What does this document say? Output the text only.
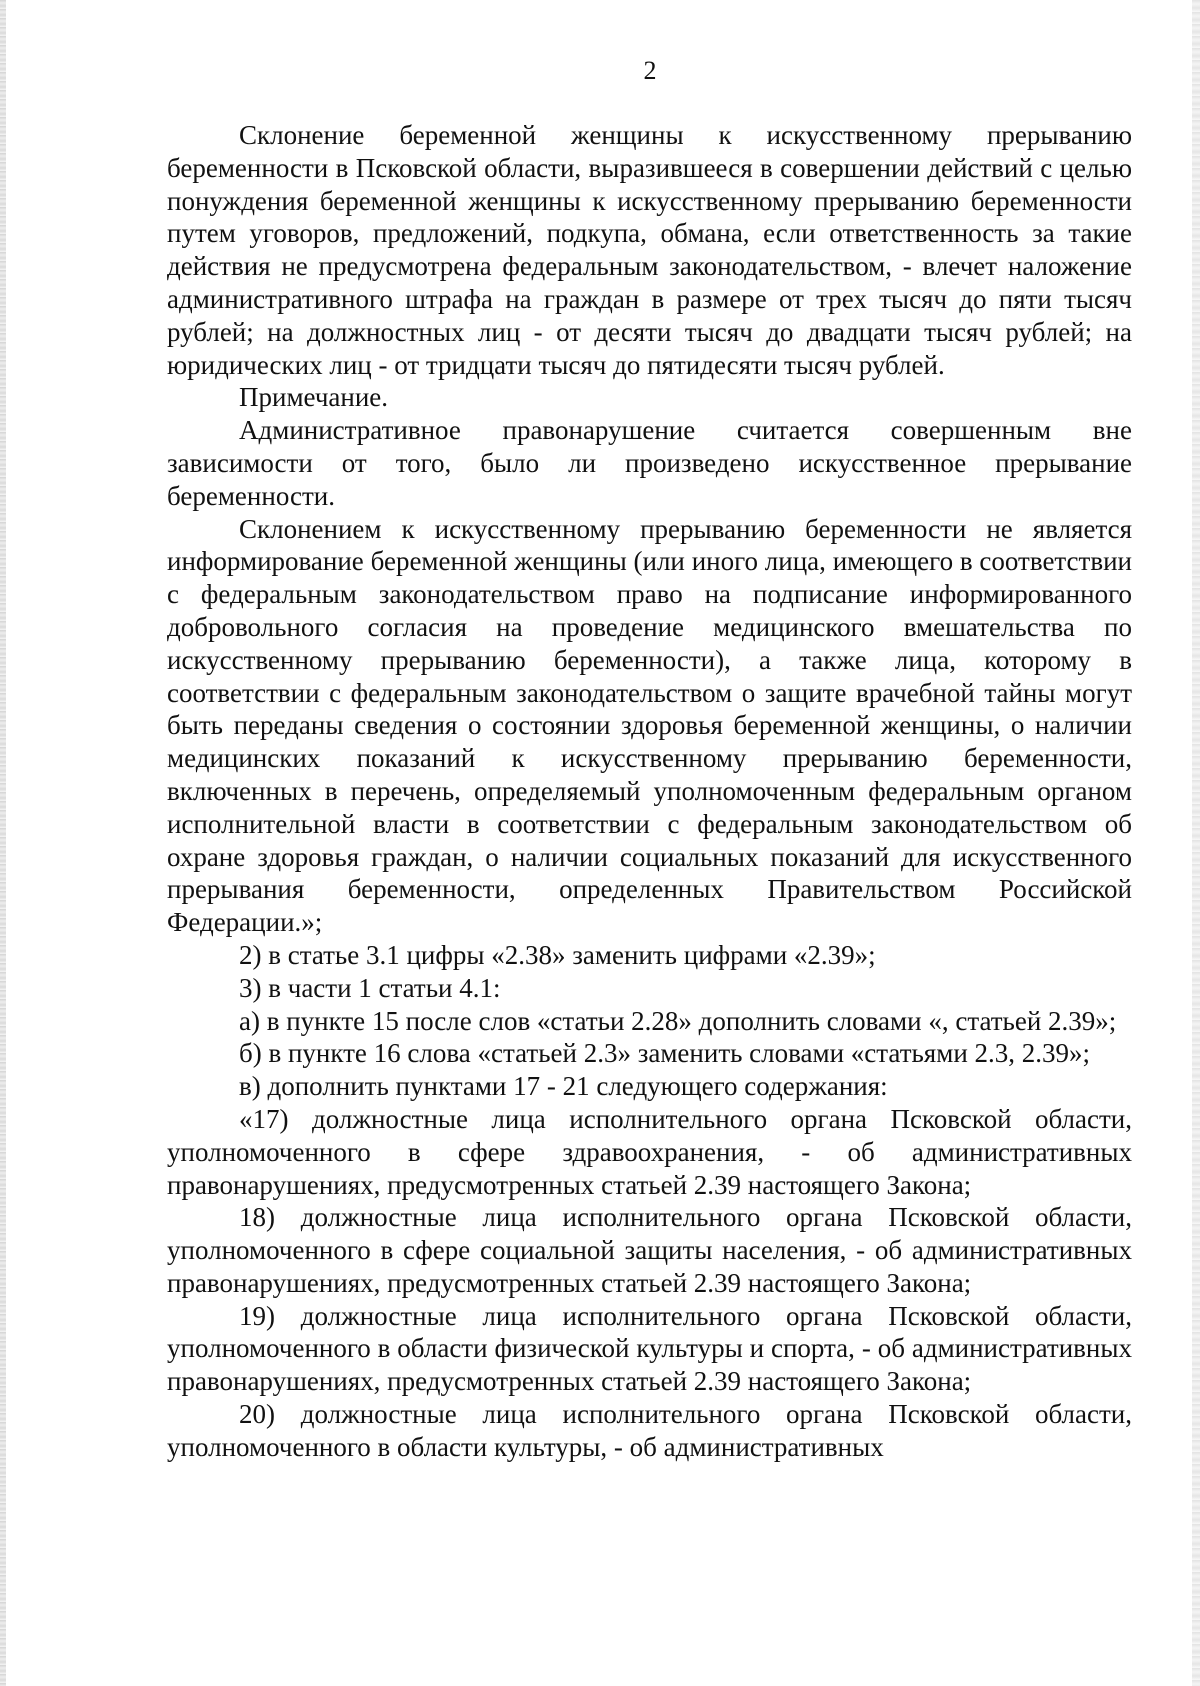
2

Склонение беременной женщины к искусственному прерыванию беременности в Псковской области, выразившееся в совершении действий с целью понуждения беременной женщины к искусственному прерыванию беременности путем уговоров, предложений, подкупа, обмана, если ответственность за такие действия не предусмотрена федеральным законодательством, - влечет наложение административного штрафа на граждан в размере от трех тысяч до пяти тысяч рублей; на должностных лиц - от десяти тысяч до двадцати тысяч рублей; на юридических лиц - от тридцати тысяч до пятидесяти тысяч рублей.

Примечание.

Административное правонарушение считается совершенным вне зависимости от того, было ли произведено искусственное прерывание беременности.

Склонением к искусственному прерыванию беременности не является информирование беременной женщины (или иного лица, имеющего в соответствии с федеральным законодательством право на подписание информированного добровольного согласия на проведение медицинского вмешательства по искусственному прерыванию беременности), а также лица, которому в соответствии с федеральным законодательством о защите врачебной тайны могут быть переданы сведения о состоянии здоровья беременной женщины, о наличии медицинских показаний к искусственному прерыванию беременности, включенных в перечень, определяемый уполномоченным федеральным органом исполнительной власти в соответствии с федеральным законодательством об охране здоровья граждан, о наличии социальных показаний для искусственного прерывания беременности, определенных Правительством Российской Федерации.»;

2) в статье 3.1 цифры «2.38» заменить цифрами «2.39»;

3) в части 1 статьи 4.1:

а) в пункте 15 после слов «статьи 2.28» дополнить словами «, статьей 2.39»;

б) в пункте 16 слова «статьей 2.3» заменить словами «статьями 2.3, 2.39»;

в) дополнить пунктами 17 - 21 следующего содержания:

«17) должностные лица исполнительного органа Псковской области, уполномоченного в сфере здравоохранения, - об административных правонарушениях, предусмотренных статьей 2.39 настоящего Закона;

18) должностные лица исполнительного органа Псковской области, уполномоченного в сфере социальной защиты населения, - об административных правонарушениях, предусмотренных статьей 2.39 настоящего Закона;

19) должностные лица исполнительного органа Псковской области, уполномоченного в области физической культуры и спорта, - об административных правонарушениях, предусмотренных статьей 2.39 настоящего Закона;

20) должностные лица исполнительного органа Псковской области, уполномоченного в области культуры, - об административных
